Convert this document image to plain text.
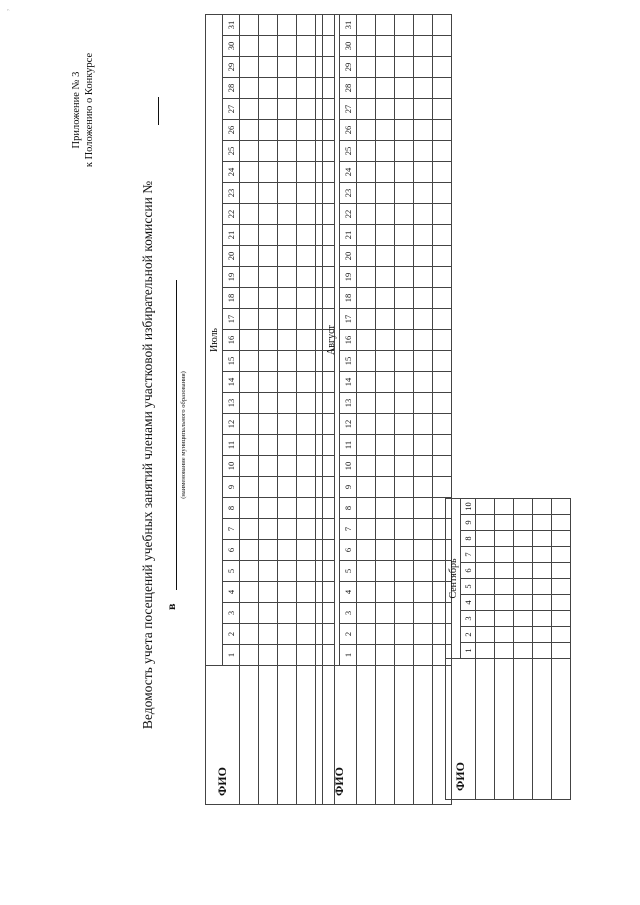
Приложение № 3 к Положению о Конкурсе
Ведомость учета посещений учебных занятий членами участковой избирательной комиссии № в
(наименование муниципального образования)
ФИО	Июль																														
	1	2	3	4	5	6	7	8	9	10	11	12	13	14	15	16	17	18	19	20	21	22	23	24	25	26	27	28	29	30	31

ФИО	Август																														
	1	2	3	4	5	6	7	8	9	10	11	12	13	14	15	16	17	18	19	20	21	22	23	24	25	26	27	28	29	30	31

ФИО	Сентябрь									
	1	2	3	4	5	6	7	8	9	10

,
